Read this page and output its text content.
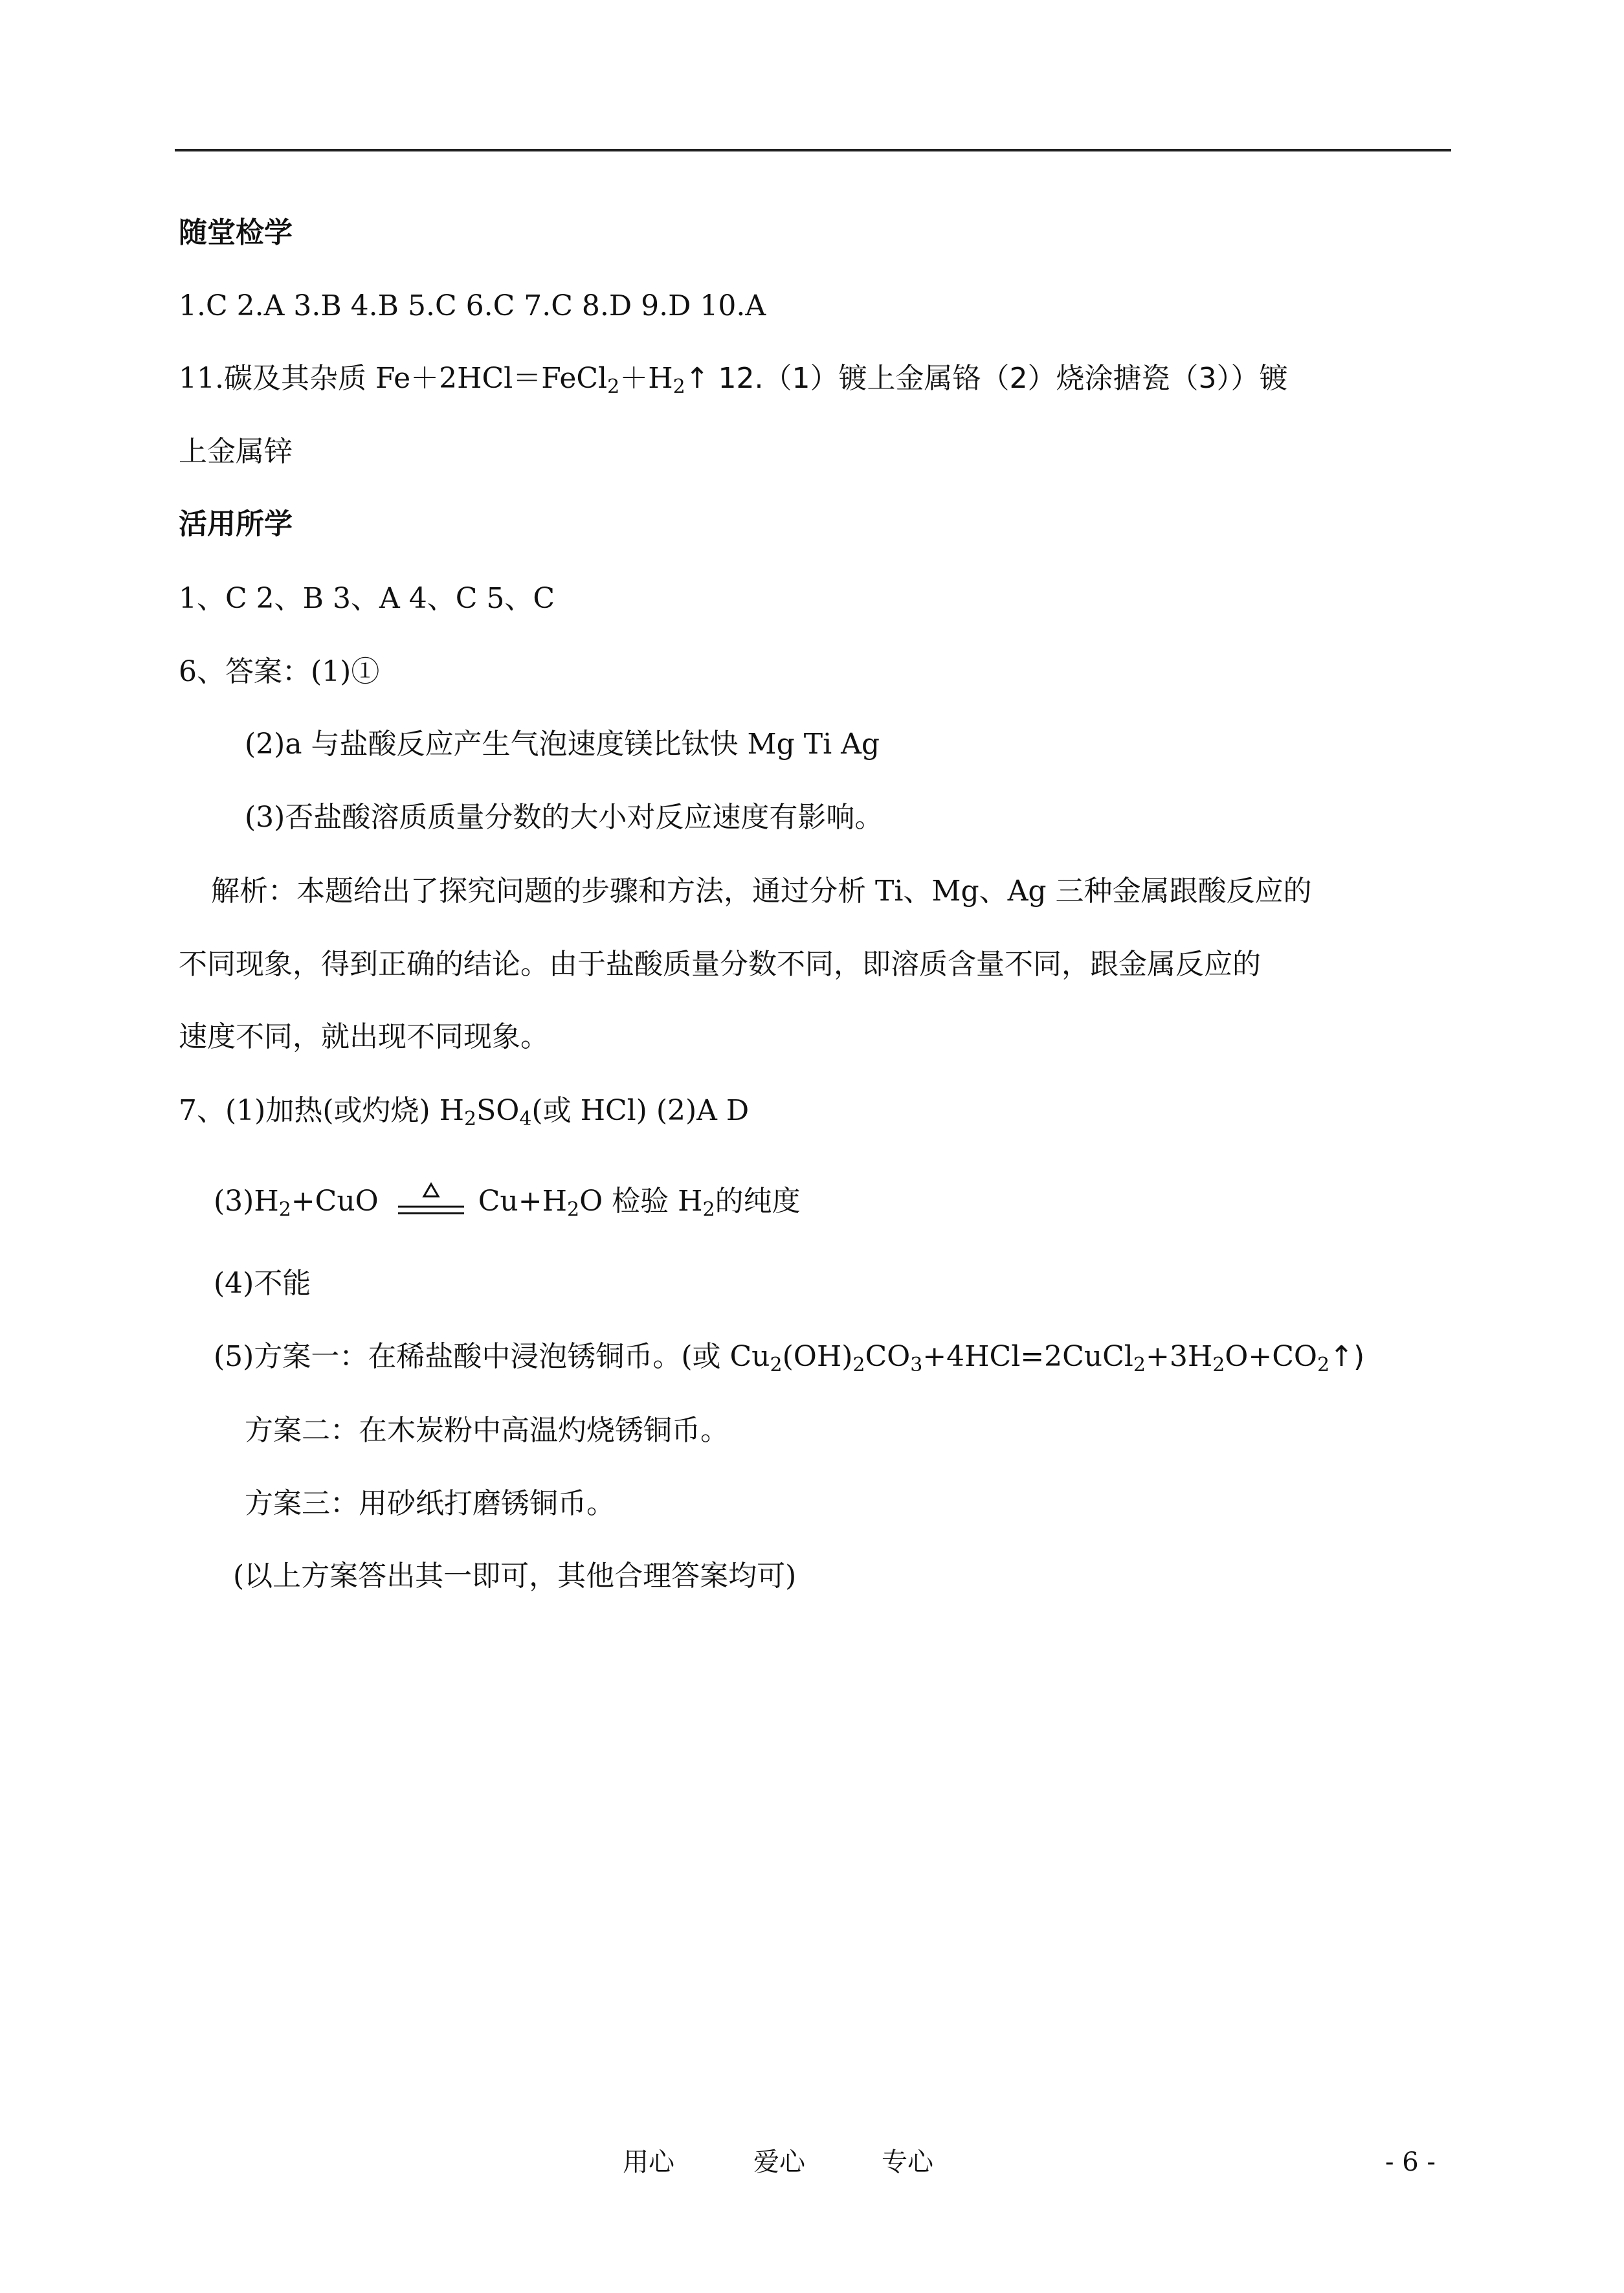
随堂检学

1.C 2.A 3.B 4.B 5.C 6.C 7.C 8.D 9.D 10.A

11.碳及其杂质 $Fe+2HCl=FeCl_2+H_2↑$ 12.（1）镀上金属铬（2）烧涂搪瓷（3））镀

上金属锌

活用所学

1、C 2、B 3、A 4、C 5、C

6、答案：(1)①

(2)a 与盐酸反应产生气泡速度镁比钛快 Mg Ti Ag

(3)否盐酸溶质质量分数的大小对反应速度有影响。

解析：本题给出了探究问题的步骤和方法，通过分析 Ti、Mg、Ag 三种金属跟酸反应的

不同现象，得到正确的结论。由于盐酸质量分数不同，即溶质含量不同，跟金属反应的

速度不同，就出现不同现象。

7、(1)加热(或灼烧) $H_2SO_4$(或 HCl) (2)A D

$(3)H_2+CuO$	$Cu+H_2O$ 检验 $H_2$的纯度

(4)不能

(5)方案一：在稀盐酸中浸泡锈铜币。(或 $Cu_2(OH)_2CO_3+4HCl=2CuCl_2+3H_2O+CO_2↑$)

方案二：在木炭粉中高温灼烧锈铜币。

方案三：用砂纸打磨锈铜币。

(以上方案答出其一即可，其他合理答案均可)

用心	爱心	专心	- 6 -
